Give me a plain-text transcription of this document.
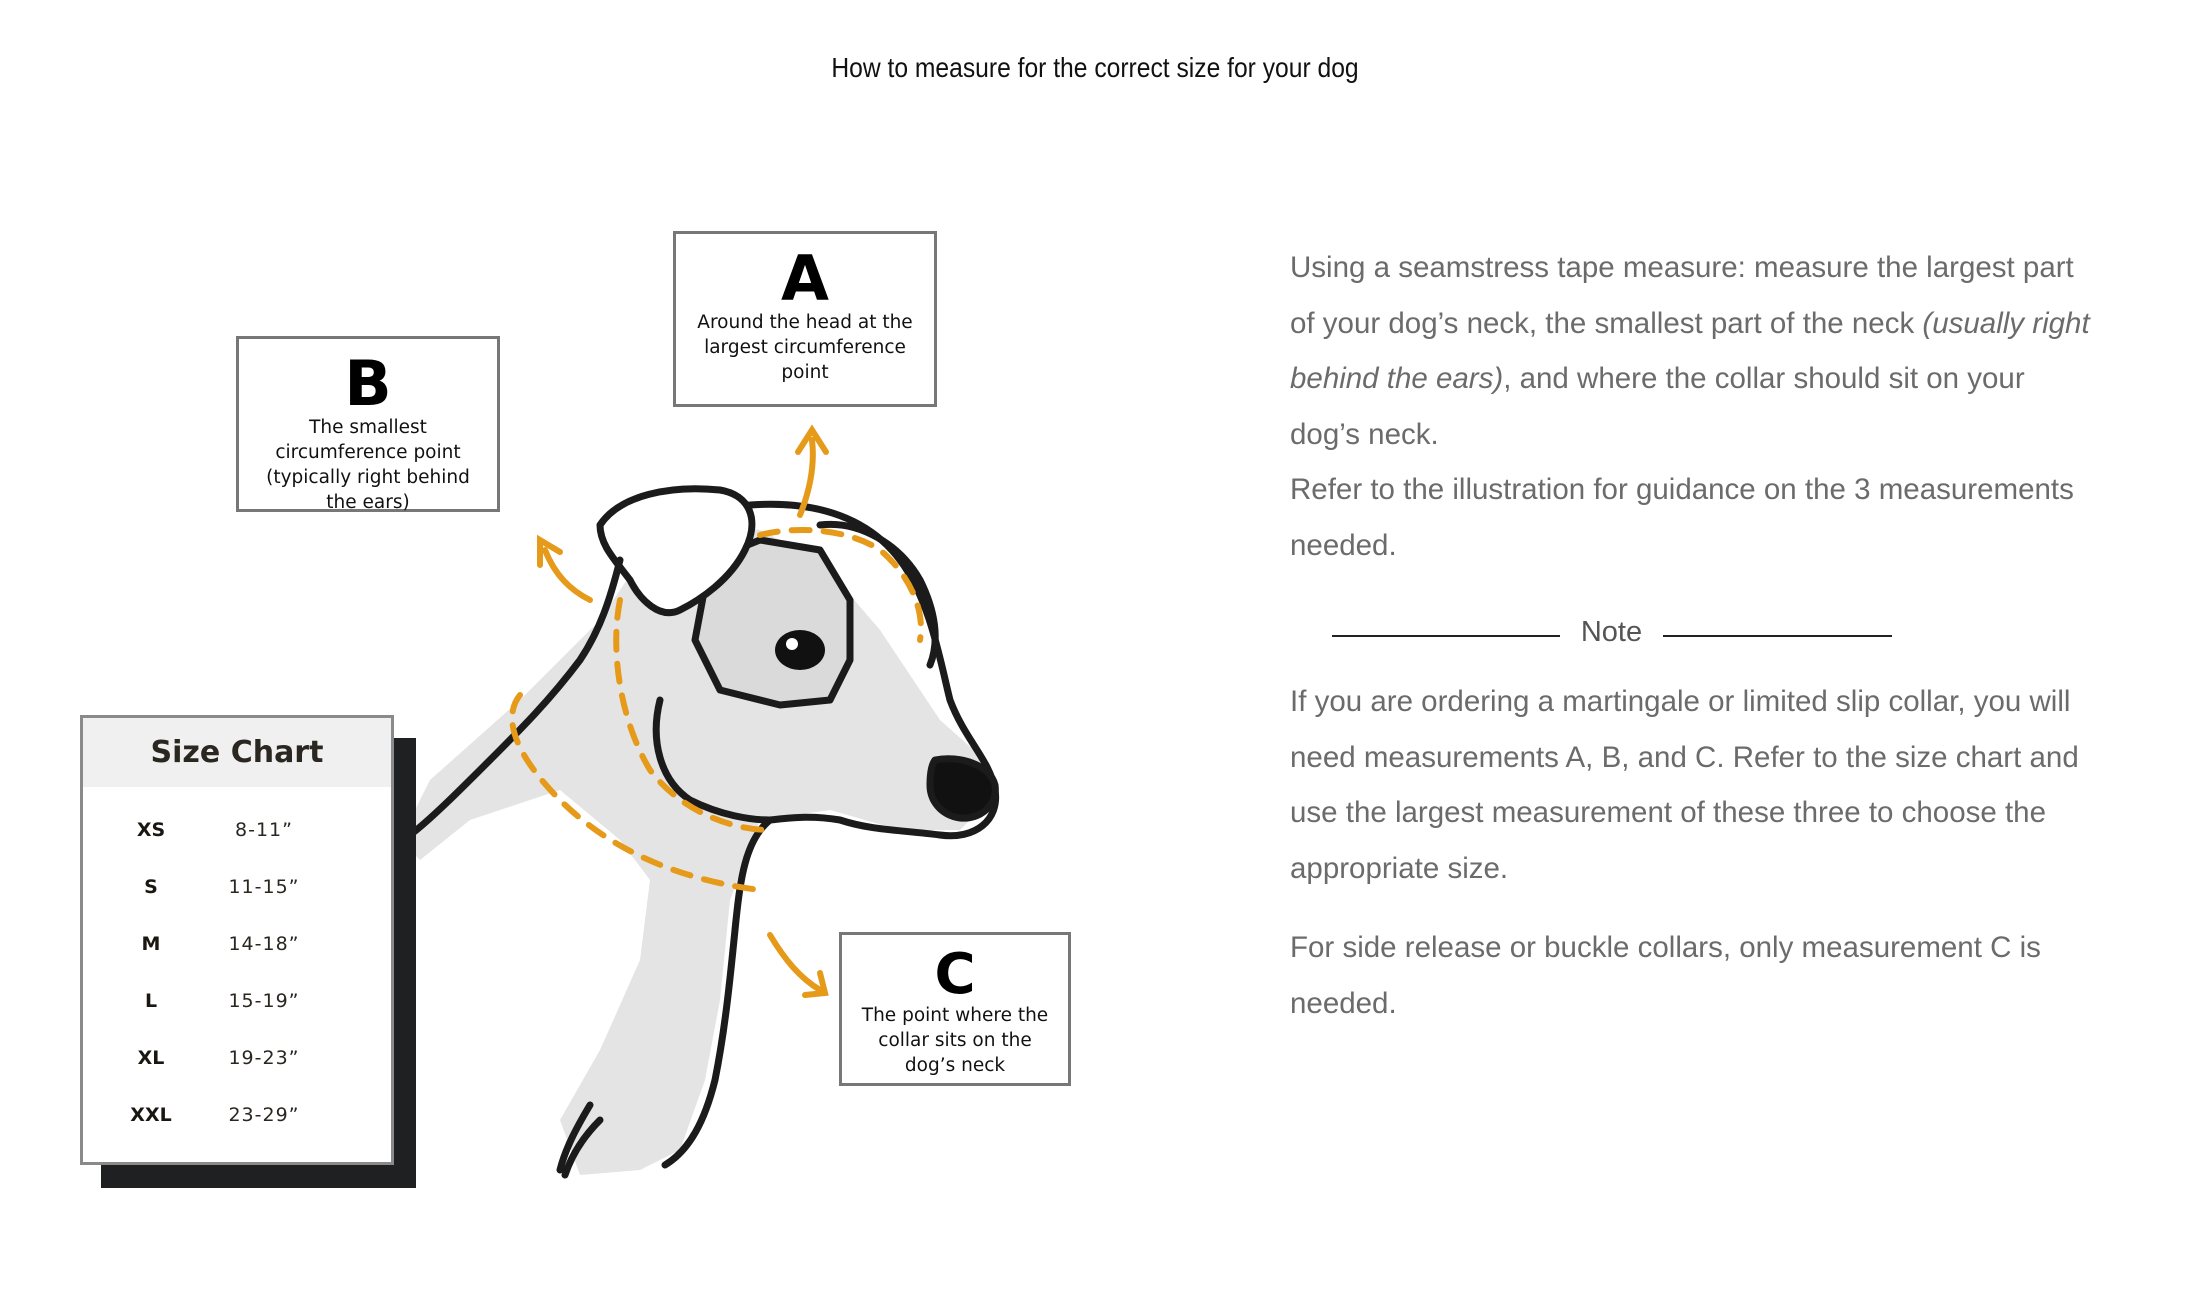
How to measure for the correct size for your dog
A
Around the head at the largest circumference point
B
The smallest circumference point (typically right behind the ears)
C
The point where the collar sits on the dog’s neck
Size Chart
XS	8-11”
S	11-15”
M	14-18”
L	15-19”
XL	19-23”
XXL	23-29”

Using a seamstress tape measure: measure the largest part of your dog’s neck, the smallest part of the neck (usually right behind the ears), and where the collar should sit on your dog’s neck.

Refer to the illustration for guidance on the 3 measurements needed.

Note

If you are ordering a martingale or limited slip collar, you will need measurements A, B, and C. Refer to the size chart and use the largest measurement of these three to choose the appropriate size.

For side release or buckle collars, only measurement C is needed.
